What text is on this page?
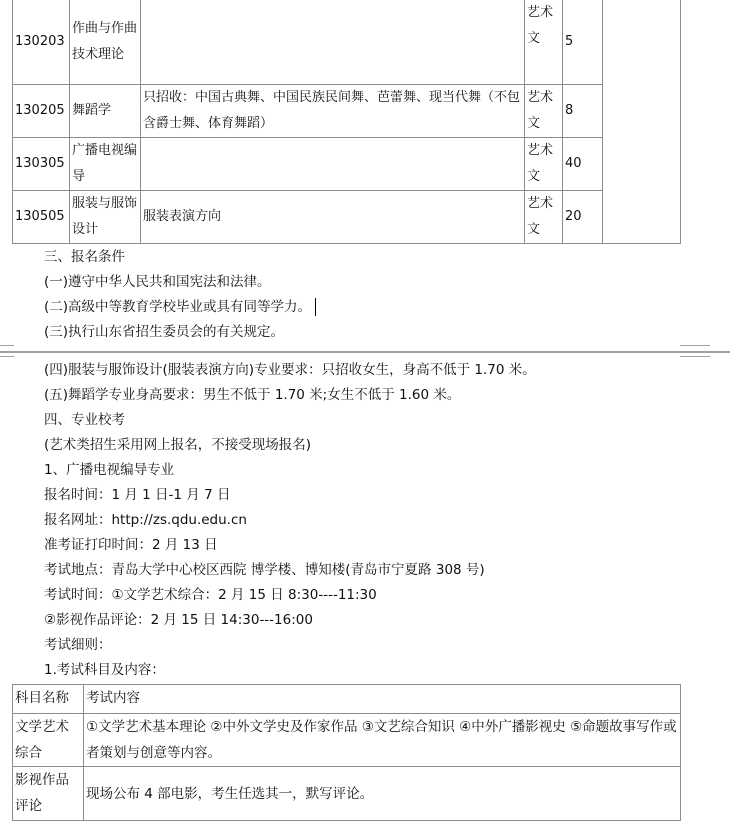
130203	作曲与作曲技术理论		艺术文	5
130205	舞蹈学	只招收：中国古典舞、中国民族民间舞、芭蕾舞、现当代舞（不包含爵士舞、体育舞蹈）	艺术文	8
130305	广播电视编导		艺术文	40
130505	服装与服饰设计	服装表演方向	艺术文	20
三、报名条件
(一)遵守中华人民共和国宪法和法律。
(二)高级中等教育学校毕业或具有同等学力。
(三)执行山东省招生委员会的有关规定。
(四)服装与服饰设计(服装表演方向)专业要求：只招收女生，身高不低于 1.70 米。
(五)舞蹈学专业身高要求：男生不低于 1.70 米;女生不低于 1.60 米。
四、专业校考
(艺术类招生采用网上报名，不接受现场报名)
1、广播电视编导专业
报名时间：1 月 1 日-1 月 7 日
报名网址：http://zs.qdu.edu.cn
准考证打印时间：2 月 13 日
考试地点：青岛大学中心校区西院 博学楼、博知楼(青岛市宁夏路 308 号)
考试时间：①文学艺术综合：2 月 15 日 8:30----11:30
②影视作品评论：2 月 15 日 14:30---16:00
考试细则：
1.考试科目及内容：
科目名称	考试内容
文学艺术综合	①文学艺术基本理论 ②中外文学史及作家作品 ③文艺综合知识 ④中外广播影视史 ⑤命题故事写作或者策划与创意等内容。
影视作品评论	现场公布 4 部电影，考生任选其一，默写评论。
